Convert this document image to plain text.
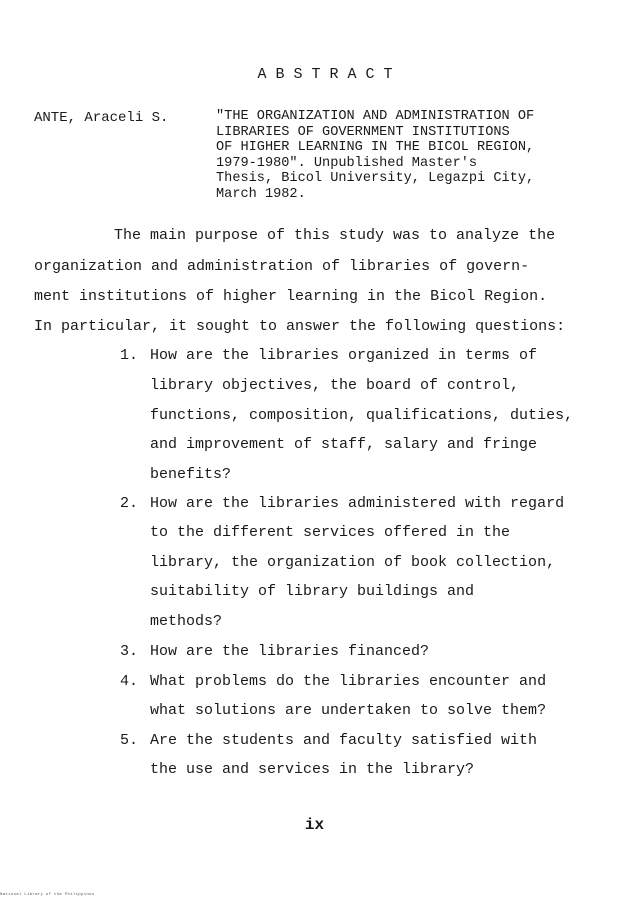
ABSTRACT
ANTE, Araceli S.	"THE ORGANIZATION AND ADMINISTRATION OF
LIBRARIES OF GOVERNMENT INSTITUTIONS
OF HIGHER LEARNING IN THE BICOL REGION,
1979-1980". Unpublished Master's
Thesis, Bicol University, Legazpi City,
March 1982.
The main purpose of this study was to analyze the
organization and administration of libraries of govern-
ment institutions of higher learning in the Bicol Region.
In particular, it sought to answer the following questions:
1. How are the libraries organized in terms of
library objectives, the board of control,
functions, composition, qualifications, duties,
and improvement of staff, salary and fringe
benefits?
2. How are the libraries administered with regard
to the different services offered in the
library, the organization of book collection,
suitability of library buildings and
methods?
3. How are the libraries financed?
4. What problems do the libraries encounter and
what solutions are undertaken to solve them?
5. Are the students and faculty satisfied with
the use and services in the library?
ix
National Library of the Philippines
